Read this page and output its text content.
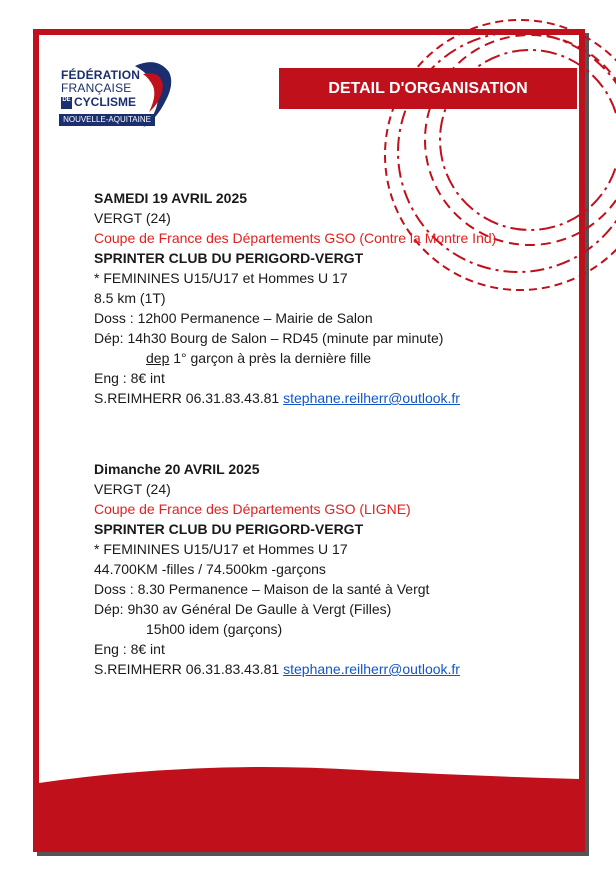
FÉDÉRATION
FRANÇAISE
DE CYCLISME
NOUVELLE-AQUITAINE
DETAIL D'ORGANISATION
SAMEDI 19 AVRIL 2025
VERGT (24)
Coupe de France des Départements GSO (Contre la Montre Ind)
SPRINTER CLUB DU PERIGORD-VERGT
* FEMININES U15/U17 et Hommes U 17
8.5 km (1T)
Doss : 12h00 Permanence – Mairie de Salon
Dép: 14h30 Bourg de Salon – RD45 (minute par minute)
dep 1° garçon à près la dernière fille
Eng : 8€ int
S.REIMHERR 06.31.83.43.81 stephane.reilherr@outlook.fr
Dimanche 20 AVRIL 2025
VERGT (24)
Coupe de France des Départements GSO (LIGNE)
SPRINTER CLUB DU PERIGORD-VERGT
* FEMININES U15/U17 et Hommes U 17
44.700KM -filles / 74.500km -garçons
Doss : 8.30 Permanence – Maison de la santé à Vergt
Dép: 9h30 av Général De Gaulle à Vergt (Filles)
15h00 idem (garçons)
Eng : 8€ int
S.REIMHERR 06.31.83.43.81 stephane.reilherr@outlook.fr
